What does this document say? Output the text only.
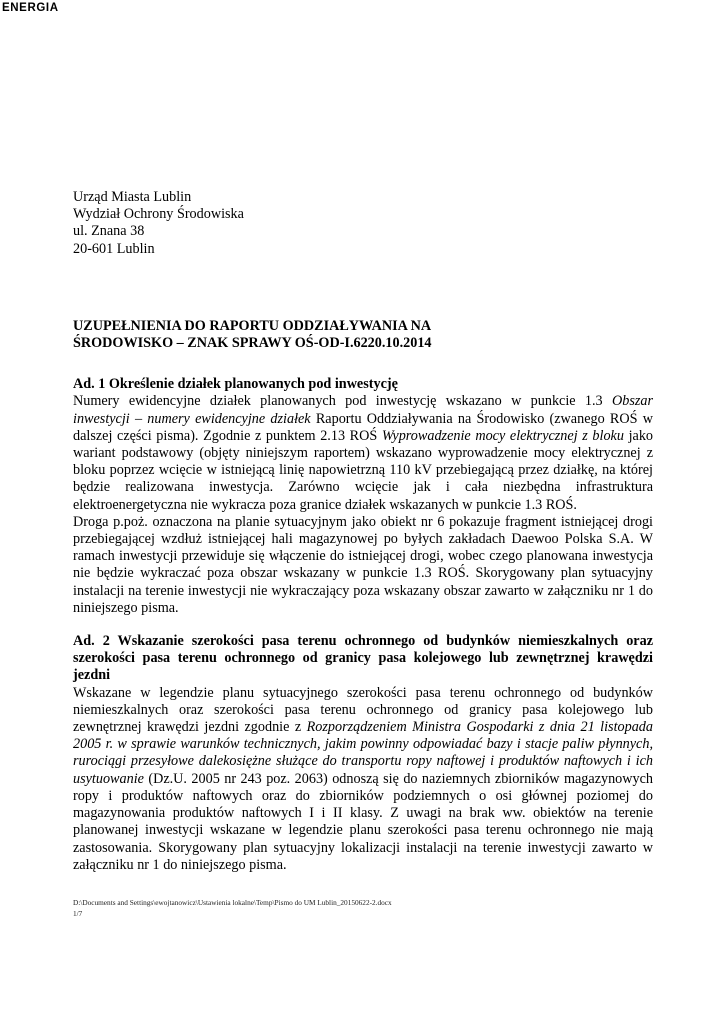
ENERGIA
Urząd Miasta Lublin
Wydział Ochrony Środowiska
ul. Znana 38
20-601 Lublin
UZUPEŁNIENIA DO RAPORTU ODDZIAŁYWANIA NA
ŚRODOWISKO – ZNAK SPRAWY OŚ-OD-I.6220.10.2014
Ad. 1 Określenie działek planowanych pod inwestycję

Numery ewidencyjne działek planowanych pod inwestycję wskazano w punkcie 1.3 Obszar inwestycji – numery ewidencyjne działek Raportu Oddziaływania na Środowisko (zwanego ROŚ w dalszej części pisma). Zgodnie z punktem 2.13 ROŚ Wyprowadzenie mocy elektrycznej z bloku jako wariant podstawowy (objęty niniejszym raportem) wskazano wyprowadzenie mocy elektrycznej z bloku poprzez wcięcie w istniejącą linię napowietrzną 110 kV przebiegającą przez działkę, na której będzie realizowana inwestycja. Zarówno wcięcie jak i cała niezbędna infrastruktura elektroenergetyczna nie wykracza poza granice działek wskazanych w punkcie 1.3 ROŚ.

Droga p.poż. oznaczona na planie sytuacyjnym jako obiekt nr 6 pokazuje fragment istniejącej drogi przebiegającej wzdłuż istniejącej hali magazynowej po byłych zakładach Daewoo Polska S.A. W ramach inwestycji przewiduje się włączenie do istniejącej drogi, wobec czego planowana inwestycja nie będzie wykraczać poza obszar wskazany w punkcie 1.3 ROŚ. Skorygowany plan sytuacyjny instalacji na terenie inwestycji nie wykraczający poza wskazany obszar zawarto w załączniku nr 1 do niniejszego pisma.

Ad. 2 Wskazanie szerokości pasa terenu ochronnego od budynków niemieszkalnych oraz szerokości pasa terenu ochronnego od granicy pasa kolejowego lub zewnętrznej krawędzi jezdni

Wskazane w legendzie planu sytuacyjnego szerokości pasa terenu ochronnego od budynków niemieszkalnych oraz szerokości pasa terenu ochronnego od granicy pasa kolejowego lub zewnętrznej krawędzi jezdni zgodnie z Rozporządzeniem Ministra Gospodarki z dnia 21 listopada 2005 r. w sprawie warunków technicznych, jakim powinny odpowiadać bazy i stacje paliw płynnych, rurociągi przesyłowe dalekosiężne służące do transportu ropy naftowej i produktów naftowych i ich usytuowanie (Dz.U. 2005 nr 243 poz. 2063) odnoszą się do naziemnych zbiorników magazynowych ropy i produktów naftowych oraz do zbiorników podziemnych o osi głównej poziomej do magazynowania produktów naftowych I i II klasy. Z uwagi na brak ww. obiektów na terenie planowanej inwestycji wskazane w legendzie planu szerokości pasa terenu ochronnego nie mają zastosowania. Skorygowany plan sytuacyjny lokalizacji instalacji na terenie inwestycji zawarto w załączniku nr 1 do niniejszego pisma.

D:\Documents and Settings\ewojtanowicz\Ustawienia lokalne\Temp\Pismo do UM Lublin_20150622-2.docx
1/7
